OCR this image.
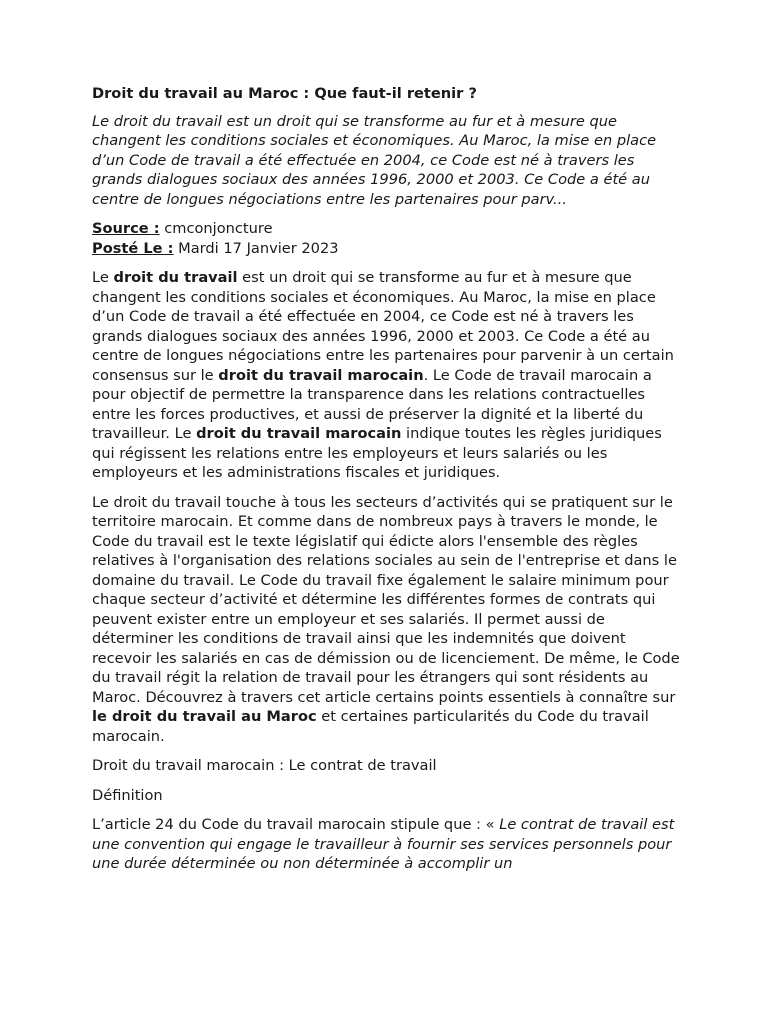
Droit du travail au Maroc : Que faut-il retenir ?

Le droit du travail est un droit qui se transforme au fur et à mesure que changent les conditions sociales et économiques. Au Maroc, la mise en place d’un Code de travail a été effectuée en 2004, ce Code est né à travers les grands dialogues sociaux des années 1996, 2000 et 2003. Ce Code a été au centre de longues négociations entre les partenaires pour parv...

Source : cmconjoncture
Posté Le : Mardi 17 Janvier 2023

Le droit du travail est un droit qui se transforme au fur et à mesure que changent les conditions sociales et économiques. Au Maroc, la mise en place d’un Code de travail a été effectuée en 2004, ce Code est né à travers les grands dialogues sociaux des années 1996, 2000 et 2003. Ce Code a été au centre de longues négociations entre les partenaires pour parvenir à un certain consensus sur le droit du travail marocain. Le Code de travail marocain a pour objectif de permettre la transparence dans les relations contractuelles entre les forces productives, et aussi de préserver la dignité et la liberté du travailleur. Le droit du travail marocain indique toutes les règles juridiques qui régissent les relations entre les employeurs et leurs salariés ou les employeurs et les administrations fiscales et juridiques.

Le droit du travail touche à tous les secteurs d’activités qui se pratiquent sur le territoire marocain. Et comme dans de nombreux pays à travers le monde, le Code du travail est le texte législatif qui édicte alors l'ensemble des règles relatives à l'organisation des relations sociales au sein de l'entreprise et dans le domaine du travail. Le Code du travail fixe également le salaire minimum pour chaque secteur d’activité et détermine les différentes formes de contrats qui peuvent exister entre un employeur et ses salariés. Il permet aussi de déterminer les conditions de travail ainsi que les indemnités que doivent recevoir les salariés en cas de démission ou de licenciement. De même, le Code du travail régit la relation de travail pour les étrangers qui sont résidents au Maroc. Découvrez à travers cet article certains points essentiels à connaître sur le droit du travail au Maroc et certaines particularités du Code du travail marocain.

Droit du travail marocain : Le contrat de travail

Définition

L’article 24 du Code du travail marocain stipule que : « Le contrat de travail est une convention qui engage le travailleur à fournir ses services personnels pour une durée déterminée ou non déterminée à accomplir un
